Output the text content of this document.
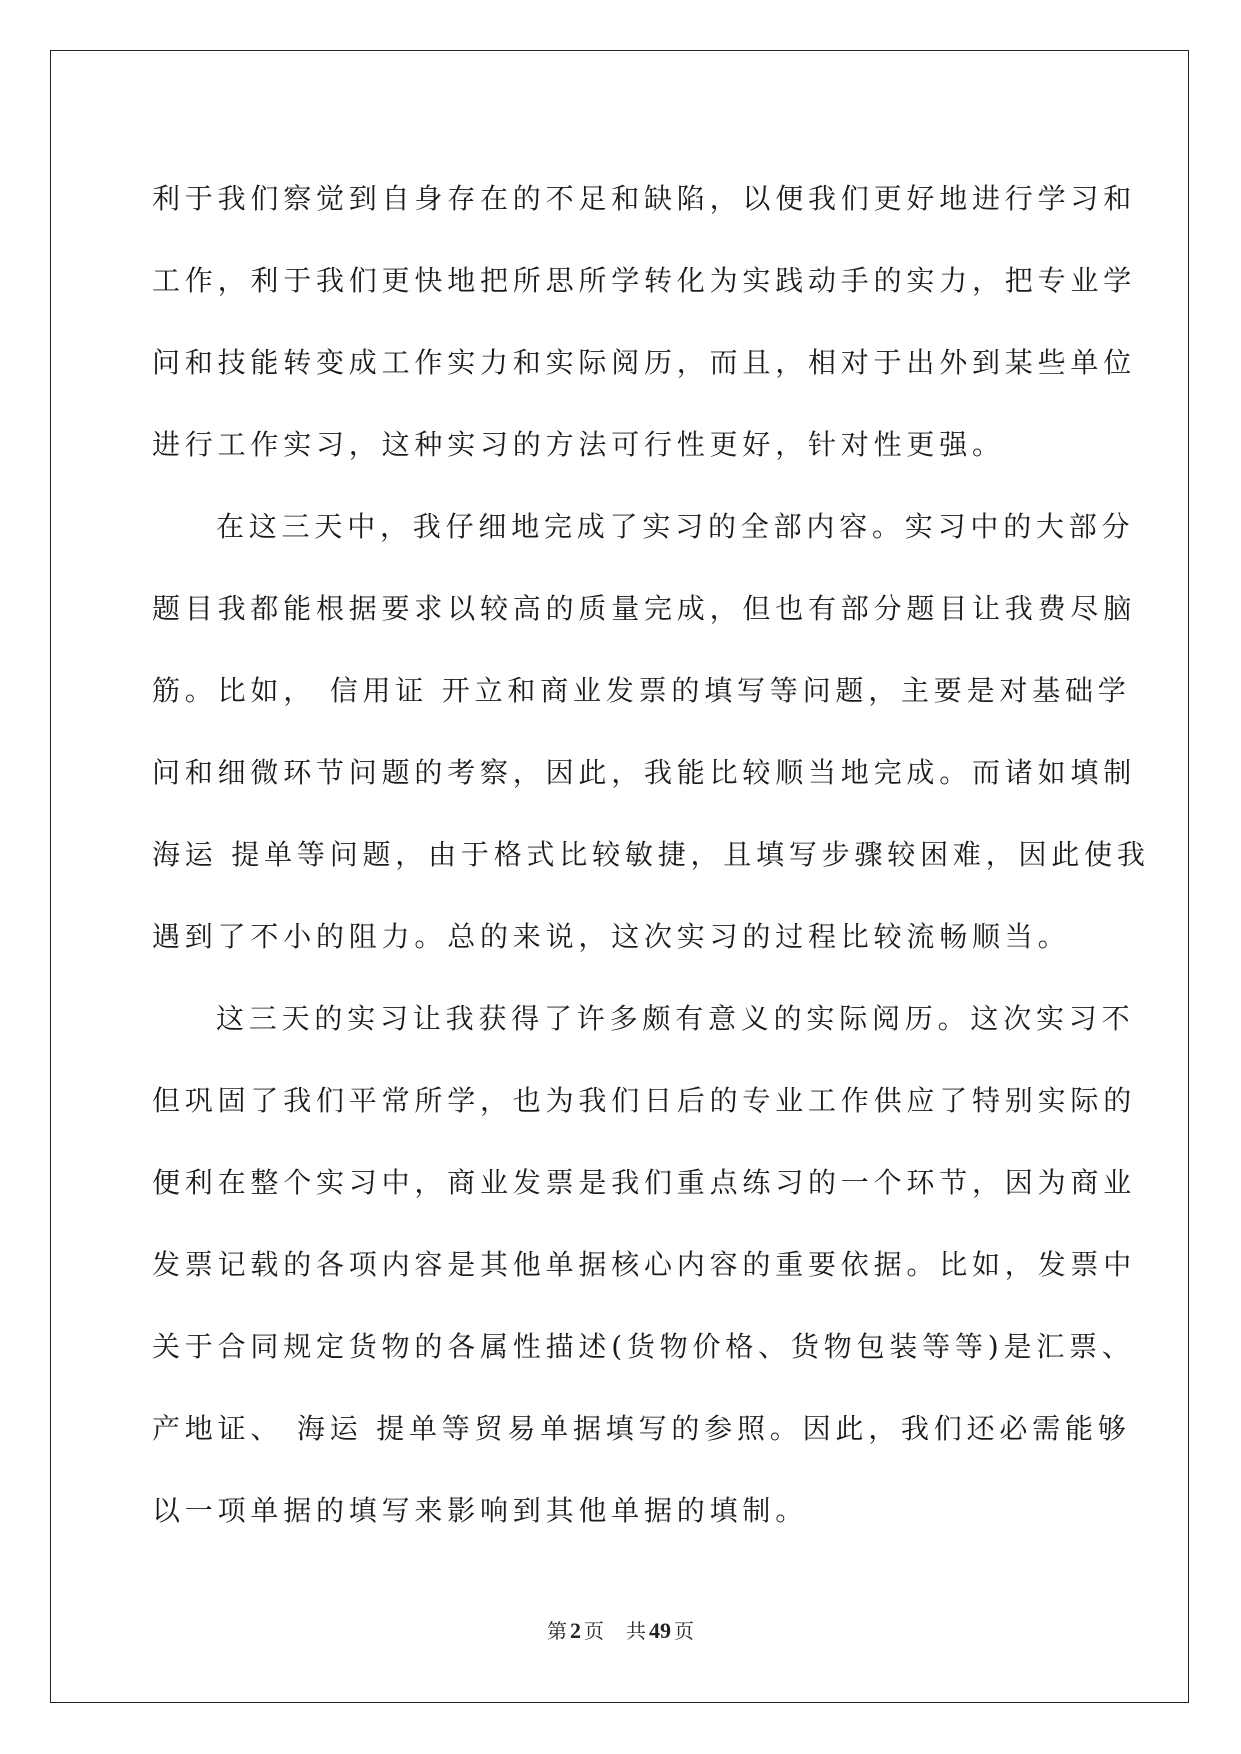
利于我们察觉到自身存在的不足和缺陷，以便我们更好地进行学习和
工作，利于我们更快地把所思所学转化为实践动手的实力，把专业学
问和技能转变成工作实力和实际阅历，而且，相对于出外到某些单位
进行工作实习，这种实习的方法可行性更好，针对性更强。

在这三天中，我仔细地完成了实习的全部内容。实习中的大部分
题目我都能根据要求以较高的质量完成，但也有部分题目让我费尽脑
筋。比如， 信用证 开立和商业发票的填写等问题，主要是对基础学
问和细微环节问题的考察，因此，我能比较顺当地完成。而诸如填制
海运 提单等问题，由于格式比较敏捷，且填写步骤较困难，因此使我
遇到了不小的阻力。总的来说，这次实习的过程比较流畅顺当。

这三天的实习让我获得了许多颇有意义的实际阅历。这次实习不
但巩固了我们平常所学，也为我们日后的专业工作供应了特别实际的
便利在整个实习中，商业发票是我们重点练习的一个环节，因为商业
发票记载的各项内容是其他单据核心内容的重要依据。比如，发票中
关于合同规定货物的各属性描述(货物价格、货物包装等等)是汇票、
产地证、 海运 提单等贸易单据填写的参照。因此，我们还必需能够
以一项单据的填写来影响到其他单据的填制。

第 2 页 共 49 页
